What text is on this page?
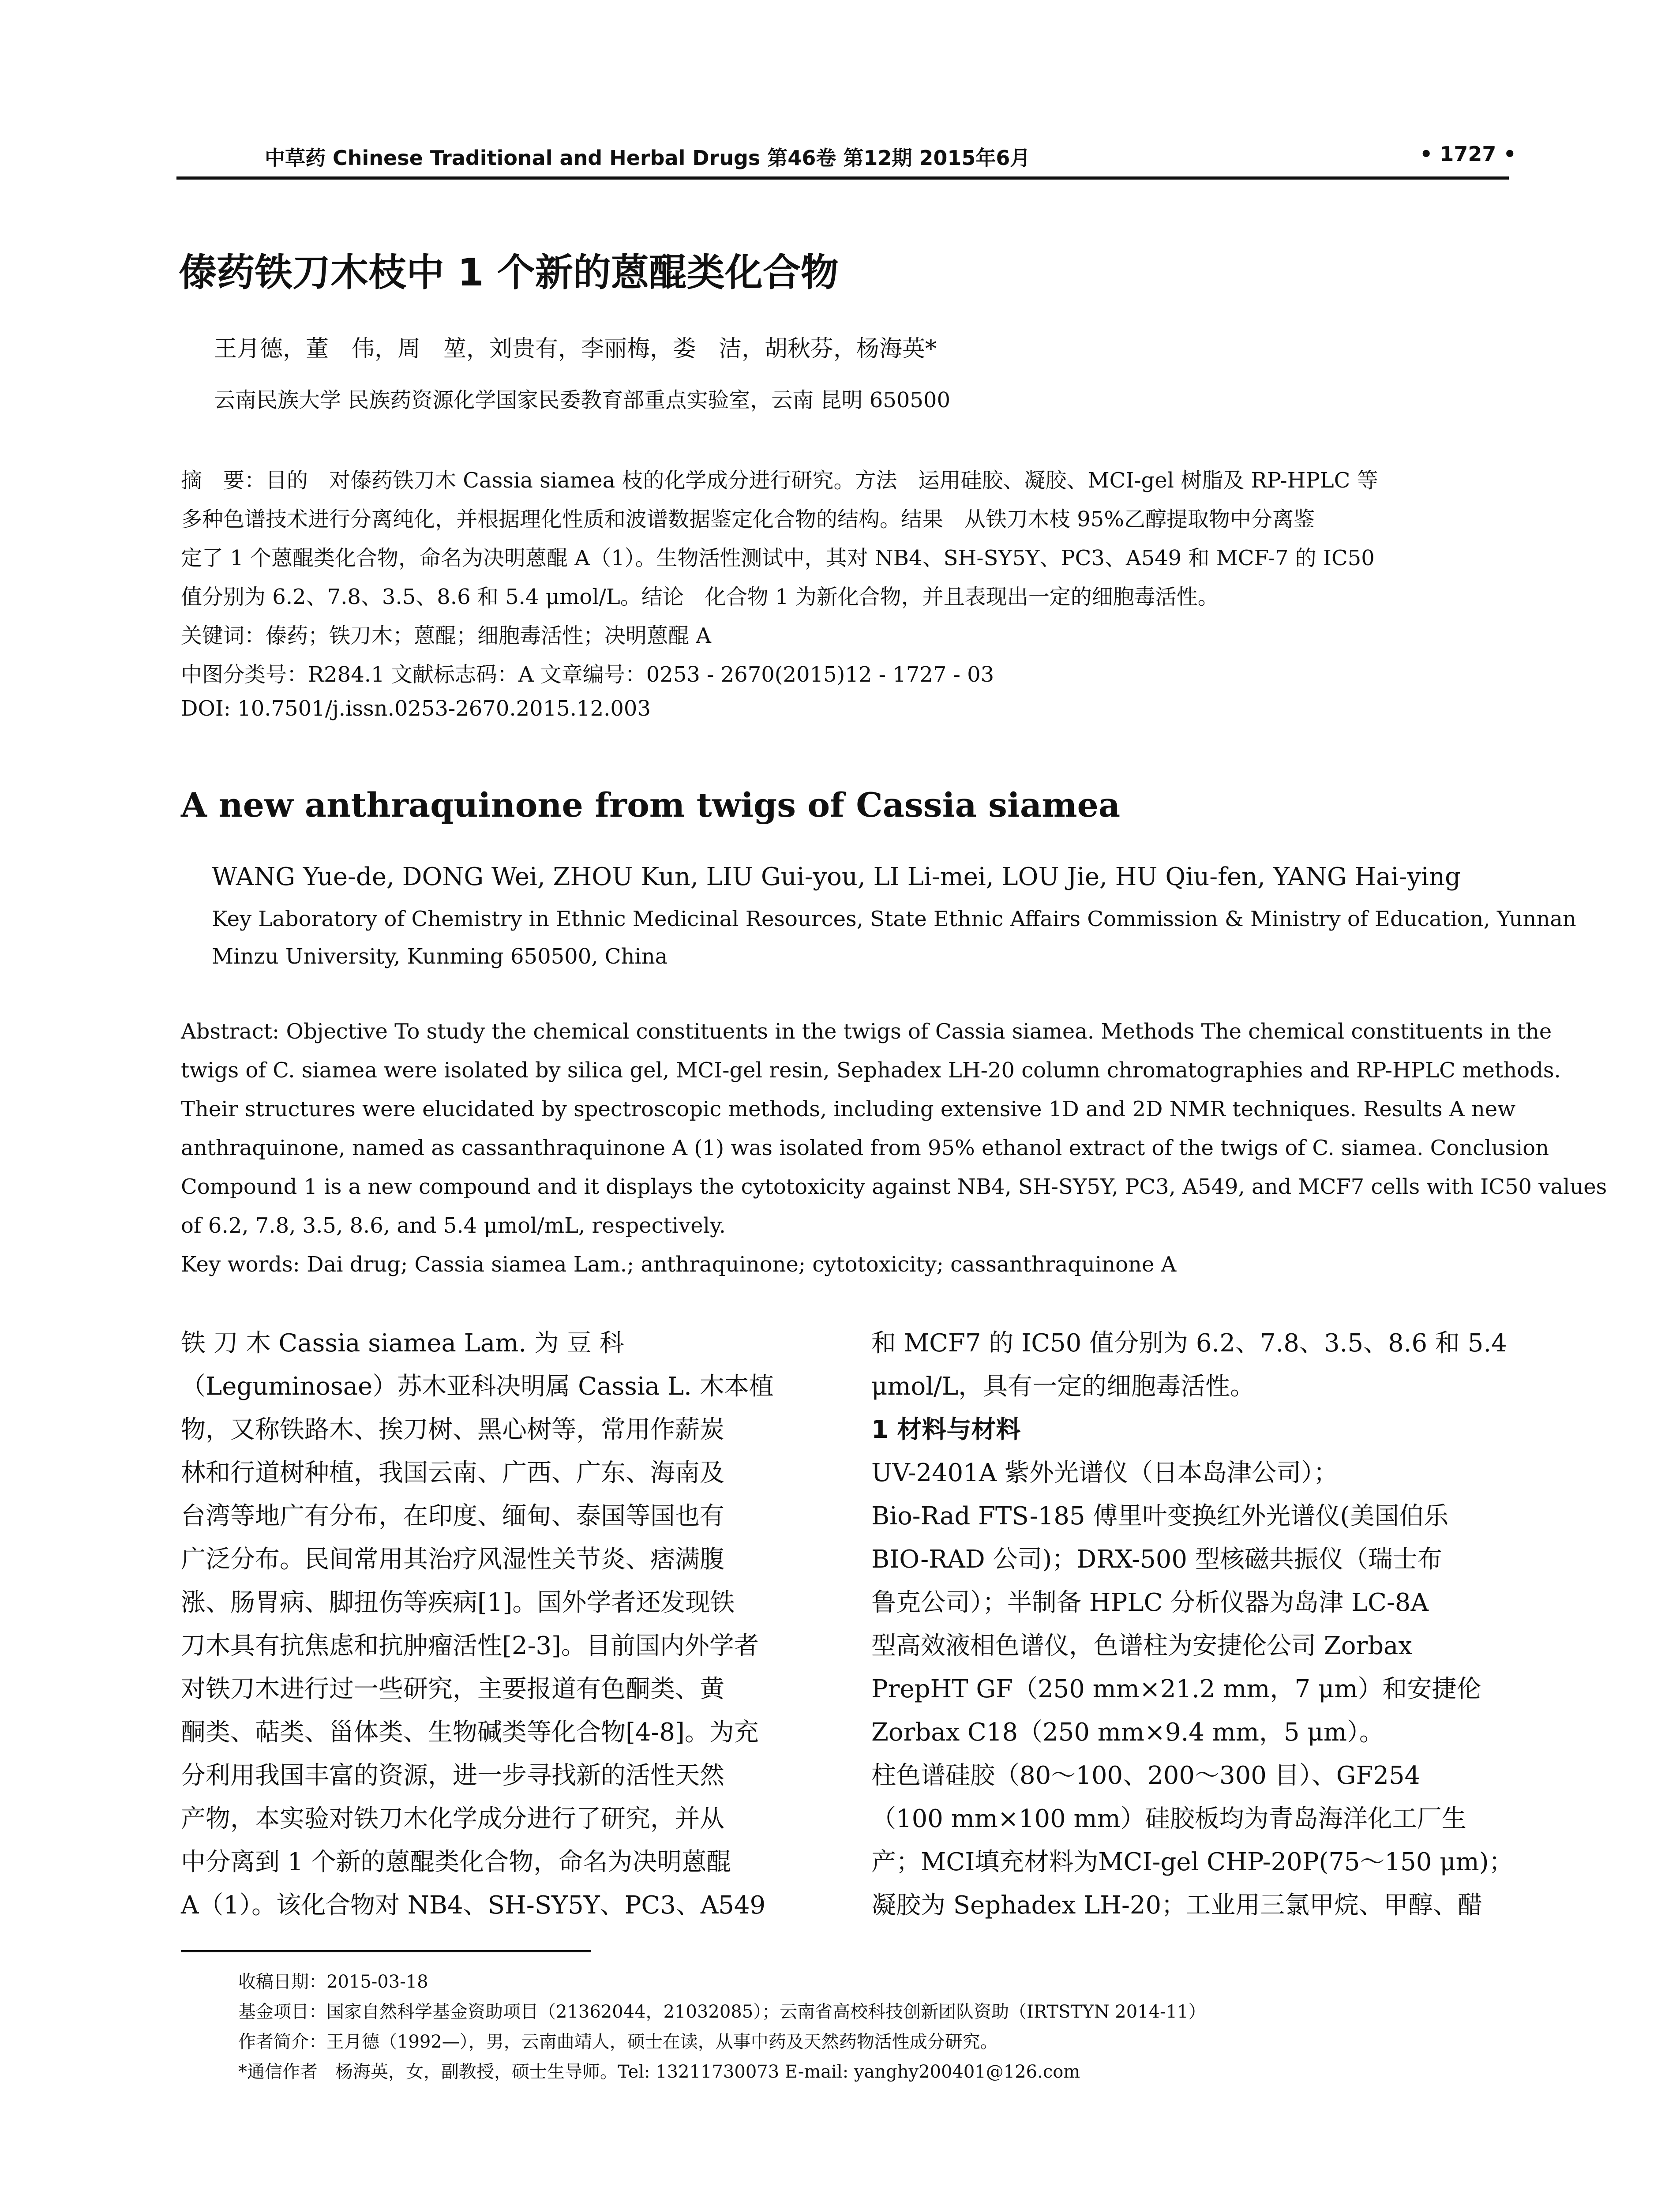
中草药 Chinese Traditional and Herbal Drugs 第46卷 第12期 2015年6月	• 1727 •
傣药铁刀木枝中 1 个新的蒽醌类化合物
王月德，董　伟，周　堃，刘贵有，李丽梅，娄　洁，胡秋芬，杨海英*
云南民族大学 民族药资源化学国家民委教育部重点实验室，云南 昆明 650500
摘　要：目的　对傣药铁刀木 Cassia siamea 枝的化学成分进行研究。方法　运用硅胶、凝胶、MCI-gel 树脂及 RP-HPLC 等
多种色谱技术进行分离纯化，并根据理化性质和波谱数据鉴定化合物的结构。结果　从铁刀木枝 95%乙醇提取物中分离鉴
定了 1 个蒽醌类化合物，命名为决明蒽醌 A（1）。生物活性测试中，其对 NB4、SH-SY5Y、PC3、A549 和 MCF-7 的 IC50
值分别为 6.2、7.8、3.5、8.6 和 5.4 μmol/L。结论　化合物 1 为新化合物，并且表现出一定的细胞毒活性。
关键词：傣药；铁刀木；蒽醌；细胞毒活性；决明蒽醌 A
中图分类号：R284.1 文献标志码：A 文章编号：0253 - 2670(2015)12 - 1727 - 03
DOI: 10.7501/j.issn.0253-2670.2015.12.003
A new anthraquinone from twigs of Cassia siamea
WANG Yue-de, DONG Wei, ZHOU Kun, LIU Gui-you, LI Li-mei, LOU Jie, HU Qiu-fen, YANG Hai-ying
Key Laboratory of Chemistry in Ethnic Medicinal Resources, State Ethnic Affairs Commission & Ministry of Education, Yunnan
Minzu University, Kunming 650500, China
Abstract: Objective To study the chemical constituents in the twigs of Cassia siamea. Methods The chemical constituents in the
twigs of C. siamea were isolated by silica gel, MCI-gel resin, Sephadex LH-20 column chromatographies and RP-HPLC methods.
Their structures were elucidated by spectroscopic methods, including extensive 1D and 2D NMR techniques. Results A new
anthraquinone, named as cassanthraquinone A (1) was isolated from 95% ethanol extract of the twigs of C. siamea. Conclusion
Compound 1 is a new compound and it displays the cytotoxicity against NB4, SH-SY5Y, PC3, A549, and MCF7 cells with IC50 values
of 6.2, 7.8, 3.5, 8.6, and 5.4 μmol/mL, respectively.
Key words: Dai drug; Cassia siamea Lam.; anthraquinone; cytotoxicity; cassanthraquinone A
铁 刀 木 Cassia siamea Lam. 为 豆 科
（Leguminosae）苏木亚科决明属 Cassia L. 木本植
物，又称铁路木、挨刀树、黑心树等，常用作薪炭
林和行道树种植，我国云南、广西、广东、海南及
台湾等地广有分布，在印度、缅甸、泰国等国也有
广泛分布。民间常用其治疗风湿性关节炎、痞满腹
涨、肠胃病、脚扭伤等疾病[1]。国外学者还发现铁
刀木具有抗焦虑和抗肿瘤活性[2-3]。目前国内外学者
对铁刀木进行过一些研究，主要报道有色酮类、黄
酮类、萜类、甾体类、生物碱类等化合物[4-8]。为充
分利用我国丰富的资源，进一步寻找新的活性天然
产物，本实验对铁刀木化学成分进行了研究，并从
中分离到 1 个新的蒽醌类化合物，命名为决明蒽醌
A（1）。该化合物对 NB4、SH-SY5Y、PC3、A549
和 MCF7 的 IC50 值分别为 6.2、7.8、3.5、8.6 和 5.4
μmol/L，具有一定的细胞毒活性。
1 材料与材料
UV-2401A 紫外光谱仪（日本岛津公司）；
Bio-Rad FTS-185 傅里叶变换红外光谱仪(美国伯乐
BIO-RAD 公司)；DRX-500 型核磁共振仪（瑞士布
鲁克公司）；半制备 HPLC 分析仪器为岛津 LC-8A
型高效液相色谱仪，色谱柱为安捷伦公司 Zorbax
PrepHT GF（250 mm×21.2 mm，7 μm）和安捷伦
Zorbax C18（250 mm×9.4 mm，5 μm）。
柱色谱硅胶（80～100、200～300 目）、GF254
（100 mm×100 mm）硅胶板均为青岛海洋化工厂生
产；MCI填充材料为MCI-gel CHP-20P(75～150 μm)；
凝胶为 Sephadex LH-20；工业用三氯甲烷、甲醇、醋
收稿日期：2015-03-18
基金项目：国家自然科学基金资助项目（21362044，21032085）；云南省高校科技创新团队资助（IRTSTYN 2014-11）
作者简介：王月德（1992—），男，云南曲靖人，硕士在读，从事中药及天然药物活性成分研究。
*通信作者　杨海英，女，副教授，硕士生导师。Tel: 13211730073 E-mail: yanghy200401@126.com
